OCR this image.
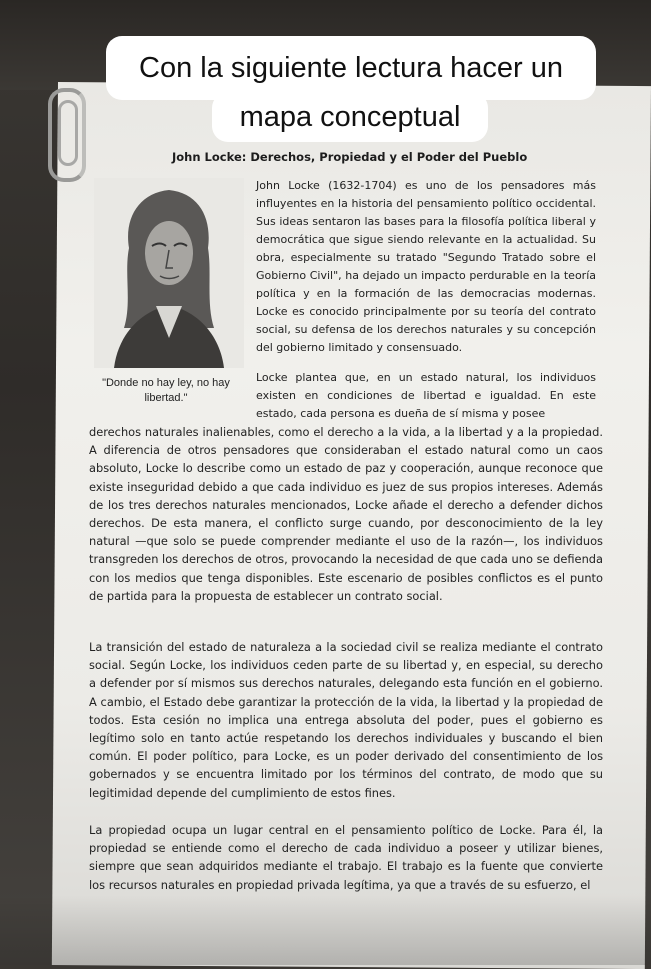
Con la siguiente lectura hacer un
mapa conceptual
John Locke: Derechos, Propiedad y el Poder del Pueblo
"Donde no hay ley, no hay libertad."
John Locke (1632-1704) es uno de los pensadores más influyentes en la historia del pensamiento político occidental. Sus ideas sentaron las bases para la filosofía política liberal y democrática que sigue siendo relevante en la actualidad. Su obra, especialmente su tratado "Segundo Tratado sobre el Gobierno Civil", ha dejado un impacto perdurable en la teoría política y en la formación de las democracias modernas. Locke es conocido principalmente por su teoría del contrato social, su defensa de los derechos naturales y su concepción del gobierno limitado y consensuado.
Locke plantea que, en un estado natural, los individuos existen en condiciones de libertad e igualdad. En este estado, cada persona es dueña de sí misma y posee
derechos naturales inalienables, como el derecho a la vida, a la libertad y a la propiedad. A diferencia de otros pensadores que consideraban el estado natural como un caos absoluto, Locke lo describe como un estado de paz y cooperación, aunque reconoce que existe inseguridad debido a que cada individuo es juez de sus propios intereses. Además de los tres derechos naturales mencionados, Locke añade el derecho a defender dichos derechos. De esta manera, el conflicto surge cuando, por desconocimiento de la ley natural —que solo se puede comprender mediante el uso de la razón—, los individuos transgreden los derechos de otros, provocando la necesidad de que cada uno se defienda con los medios que tenga disponibles. Este escenario de posibles conflictos es el punto de partida para la propuesta de establecer un contrato social.
La transición del estado de naturaleza a la sociedad civil se realiza mediante el contrato social. Según Locke, los individuos ceden parte de su libertad y, en especial, su derecho a defender por sí mismos sus derechos naturales, delegando esta función en el gobierno. A cambio, el Estado debe garantizar la protección de la vida, la libertad y la propiedad de todos. Esta cesión no implica una entrega absoluta del poder, pues el gobierno es legítimo solo en tanto actúe respetando los derechos individuales y buscando el bien común. El poder político, para Locke, es un poder derivado del consentimiento de los gobernados y se encuentra limitado por los términos del contrato, de modo que su legitimidad depende del cumplimiento de estos fines.
La propiedad ocupa un lugar central en el pensamiento político de Locke. Para él, la propiedad se entiende como el derecho de cada individuo a poseer y utilizar bienes, siempre que sean adquiridos mediante el trabajo. El trabajo es la fuente que convierte los recursos naturales en propiedad privada legítima, ya que a través de su esfuerzo, el
